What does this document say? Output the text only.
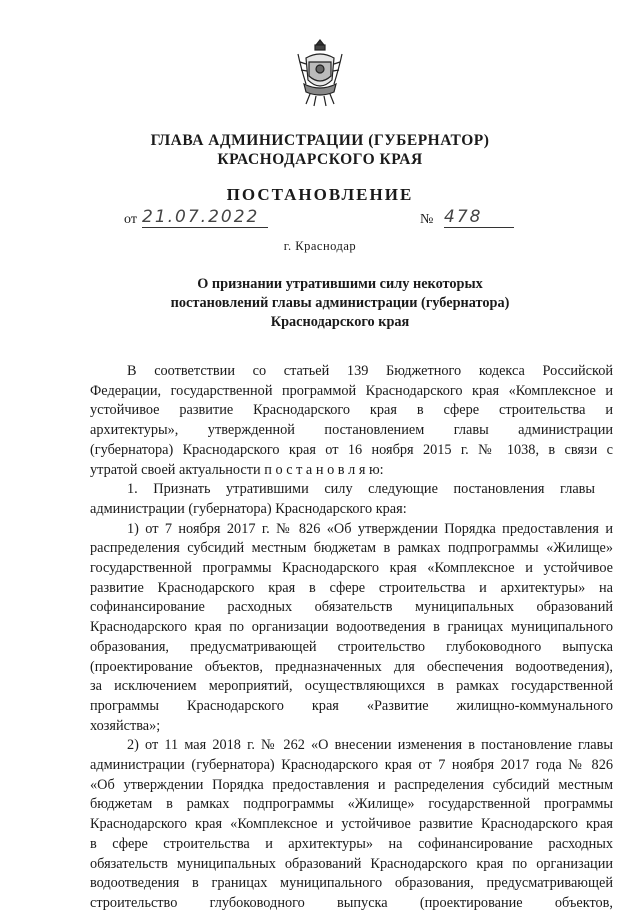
ГЛАВА АДМИНИСТРАЦИИ (ГУБЕРНАТОР)
КРАСНОДАРСКОГО КРАЯ
ПОСТАНОВЛЕНИЕ
от 21.07.2022	№ 478
г. Краснодар
О признании утратившими силу некоторых
постановлений главы администрации (губернатора)
Краснодарского края
В соответствии со статьей 139 Бюджетного кодекса Российской
Федерации, государственной программой Краснодарского края «Комплексное и
устойчивое развитие Краснодарского края в сфере строительства и
архитектуры», утвержденной постановлением главы администрации
(губернатора) Краснодарского края от 16 ноября 2015 г. № 1038, в связи с
утратой своей актуальности п о с т а н о в л я ю:
1. Признать утратившими силу следующие постановления главы
администрации (губернатора) Краснодарского края:
1) от 7 ноября 2017 г. № 826 «Об утверждении Порядка предоставления и
распределения субсидий местным бюджетам в рамках подпрограммы «Жилище»
государственной программы Краснодарского края «Комплексное и устойчивое
развитие Краснодарского края в сфере строительства и архитектуры» на
софинансирование расходных обязательств муниципальных образований
Краснодарского края по организации водоотведения в границах муниципального
образования, предусматривающей строительство глубоководного выпуска
(проектирование объектов, предназначенных для обеспечения водоотведения),
за исключением мероприятий, осуществляющихся в рамках государственной
программы Краснодарского края «Развитие жилищно-коммунального
хозяйства»;
2) от 11 мая 2018 г. № 262 «О внесении изменения в постановление главы
администрации (губернатора) Краснодарского края от 7 ноября 2017 года № 826
«Об утверждении Порядка предоставления и распределения субсидий местным
бюджетам в рамках подпрограммы «Жилище» государственной программы
Краснодарского края «Комплексное и устойчивое развитие Краснодарского края
в сфере строительства и архитектуры» на софинансирование расходных
обязательств муниципальных образований Краснодарского края по организации
водоотведения в границах муниципального образования, предусматривающей
строительство глубоководного выпуска (проектирование объектов,
